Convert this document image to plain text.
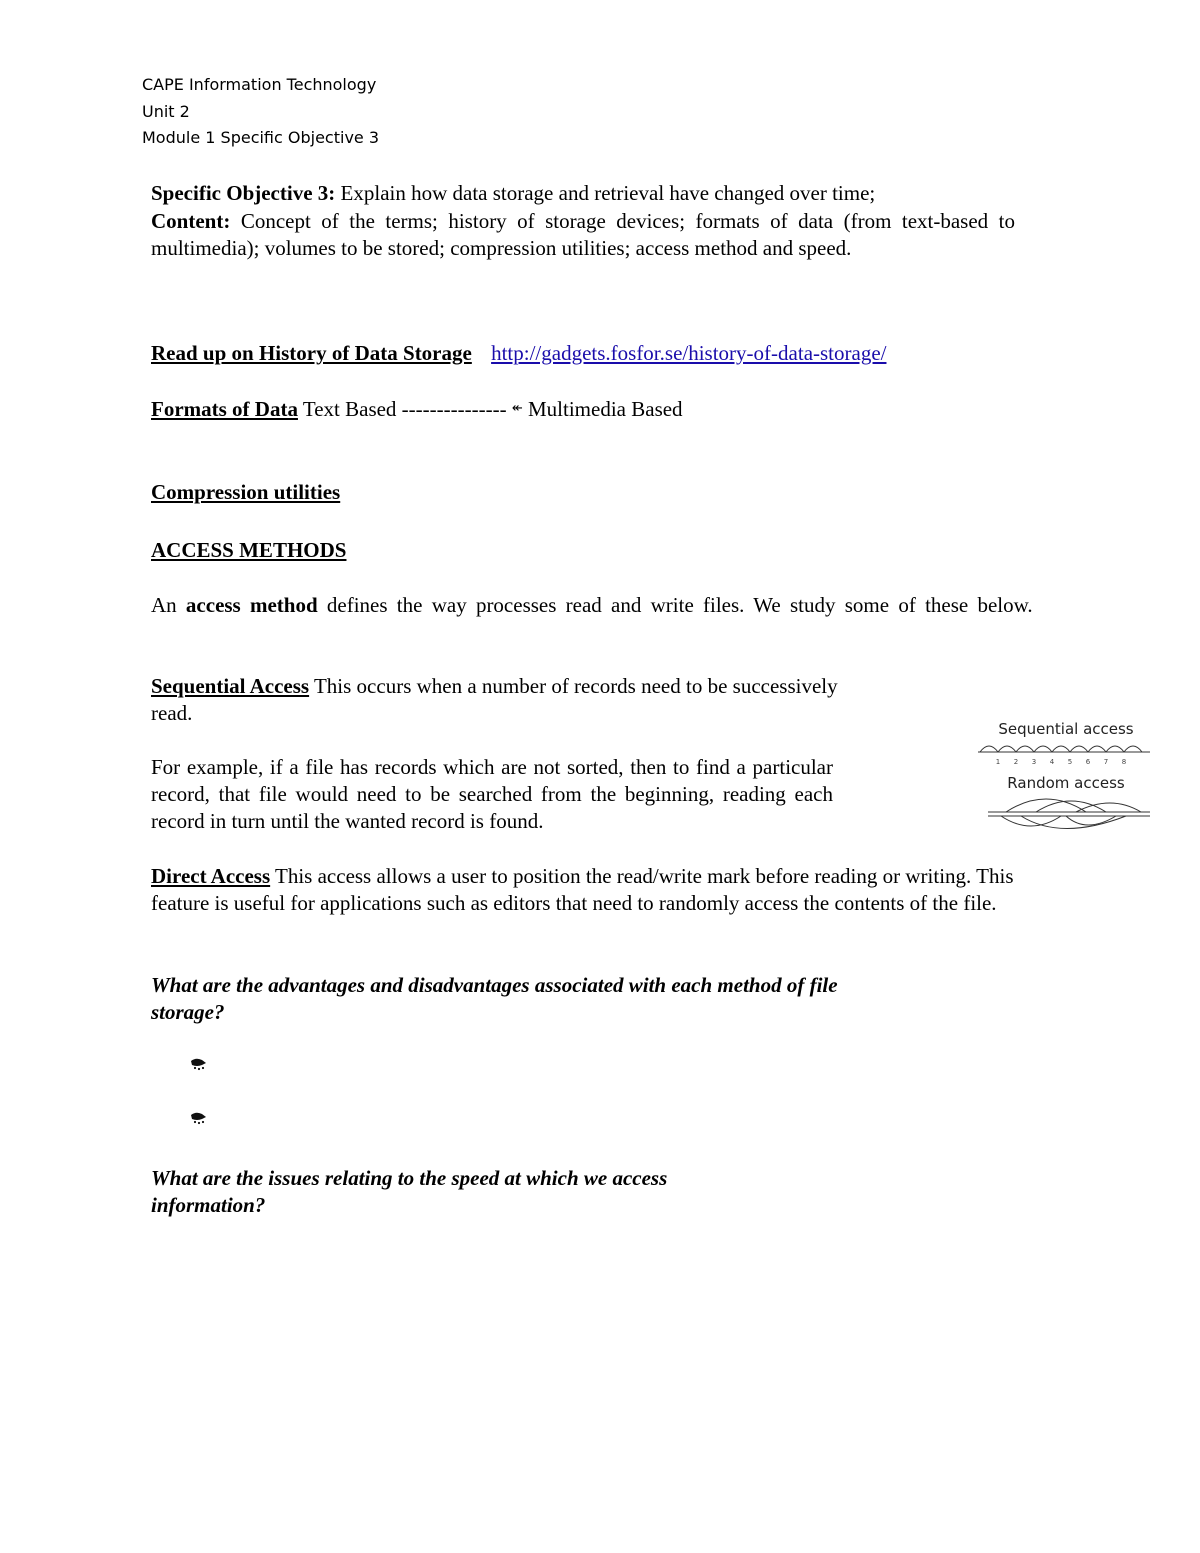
CAPE Information Technology
Unit 2
Module 1 Specific Objective 3
Specific Objective 3: Explain how data storage and retrieval have changed over time;
Content: Concept of the terms; history of storage devices; formats of data (from text-based to multimedia); volumes to be stored; compression utilities; access method and speed.
Read up on History of Data Storage http://gadgets.fosfor.se/history-of-data-storage/
Formats of Data Text Based --------------- ↞ Multimedia Based
Compression utilities
ACCESS METHODS
An access method defines the way processes read and write files. We study some of these below.
Sequential Access This occurs when a number of records need to be successively read.
For example, if a file has records which are not sorted, then to find a particular record, that file would need to be searched from the beginning, reading each record in turn until the wanted record is found.
Sequential access
1 2 3 4 5 6 7 8
Random access
Direct Access This access allows a user to position the read/write mark before reading or writing. This feature is useful for applications such as editors that need to randomly access the contents of the file.
What are the advantages and disadvantages associated with each method of file storage?
What are the issues relating to the speed at which we access information?
